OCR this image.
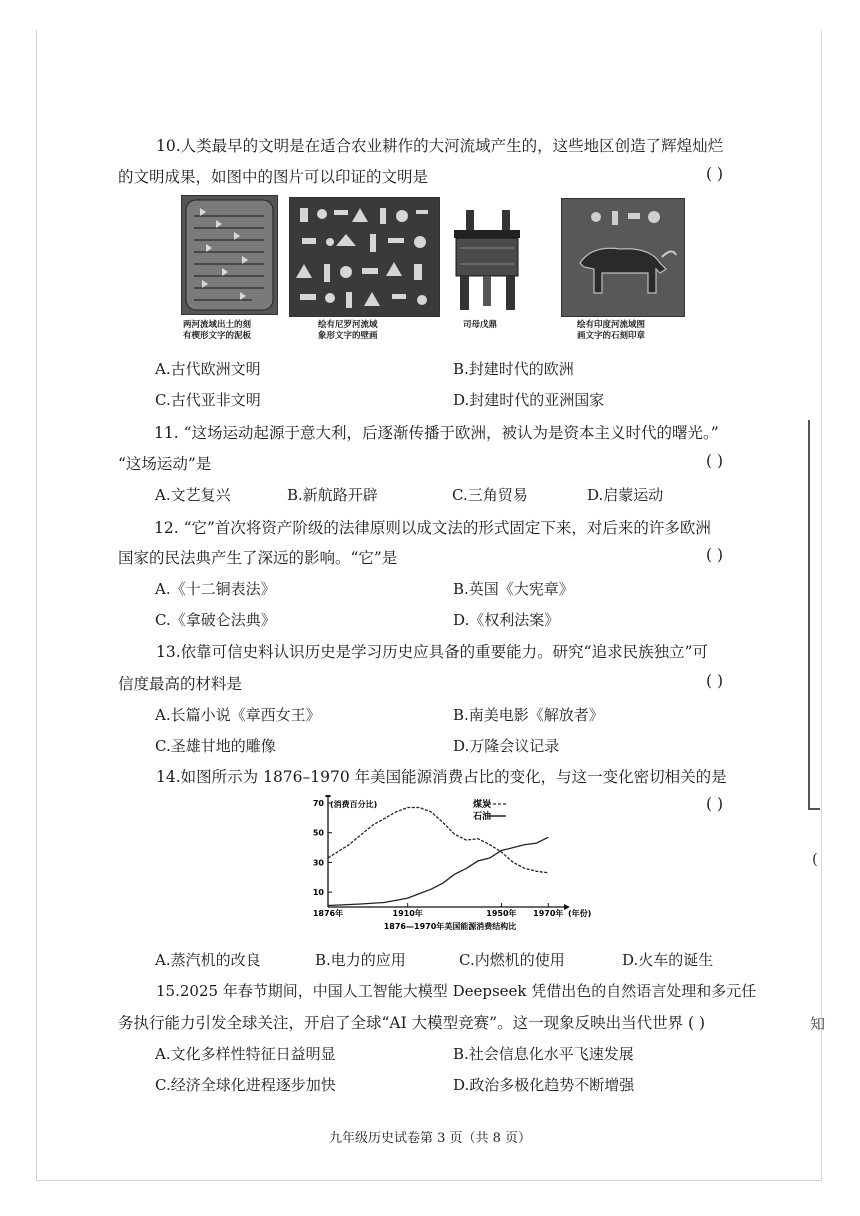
(
知
10.人类最早的文明是在适合农业耕作的大河流域产生的，这些地区创造了辉煌灿烂
的文明成果，如图中的图片可以印证的文明是	( )
两河流域出土的刻
有楔形文字的泥板
绘有尼罗河流域
象形文字的壁画
司母戊鼎	绘有印度河流域图
画文字的石刻印章
A.古代欧洲文明	B.封建时代的欧洲
C.古代亚非文明	D.封建时代的亚洲国家
11. “这场运动起源于意大利，后逐渐传播于欧洲，被认为是资本主义时代的曙光。”
“这场运动”是	( )
A.文艺复兴	B.新航路开辟	C.三角贸易	D.启蒙运动
12. “它”首次将资产阶级的法律原则以成文法的形式固定下来，对后来的许多欧洲
国家的民法典产生了深远的影响。“它”是	( )
A.《十二铜表法》	B.英国《大宪章》
C.《拿破仑法典》	D.《权利法案》
13.依靠可信史料认识历史是学习历史应具备的重要能力。研究“追求民族独立”可
信度最高的材料是	( )
A.长篇小说《章西女王》	B.南美电影《解放者》
C.圣雄甘地的雕像	D.万隆会议记录
14.如图所示为 1876–1970 年美国能源消费占比的变化，与这一变化密切相关的是
( )
70
50
30
10
1876年	1910年	1950年 1970年
(消费百分比)
(年份)
1876—1970年美国能源消费结构比
煤炭
石油
A.蒸汽机的改良	B.电力的应用	C.内燃机的使用	D.火车的诞生
15.2025 年春节期间，中国人工智能大模型 Deepseek 凭借出色的自然语言处理和多元任
务执行能力引发全球关注，开启了全球“AI 大模型竞赛”。这一现象反映出当代世界 ( )
A.文化多样性特征日益明显	B.社会信息化水平飞速发展
C.经济全球化进程逐步加快	D.政治多极化趋势不断增强
九年级历史试卷第 3 页（共 8 页）
